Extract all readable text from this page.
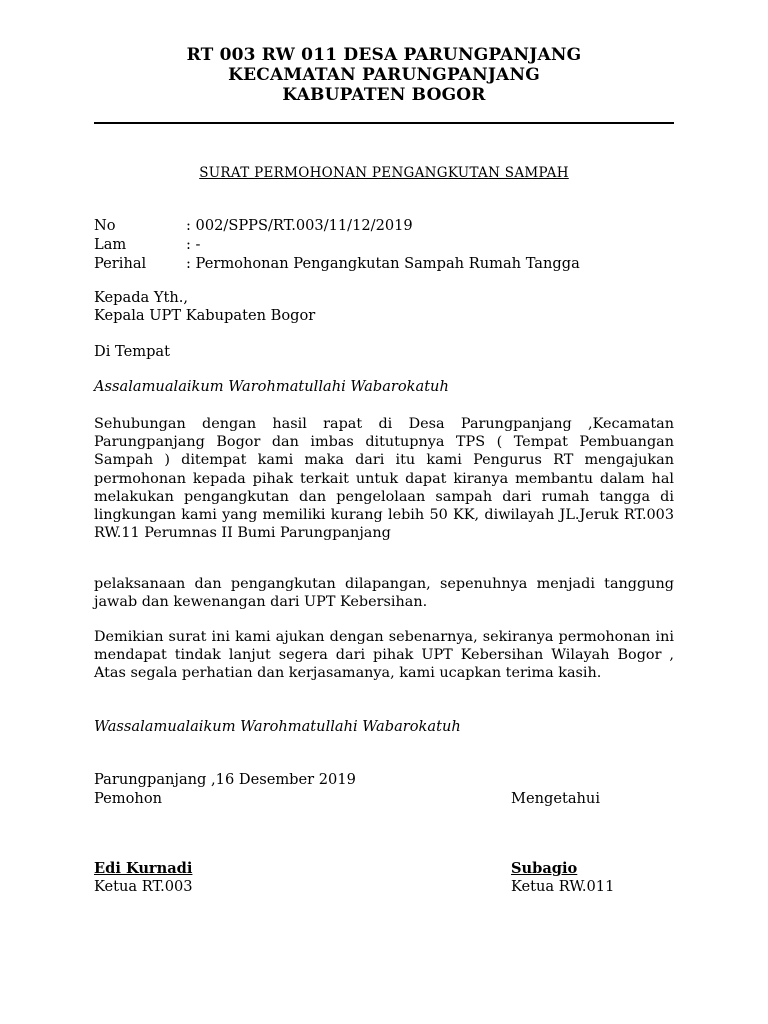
RT 003 RW 011 DESA PARUNGPANJANG
KECAMATAN PARUNGPANJANG
KABUPATEN BOGOR
SURAT PERMOHONAN PENGANGKUTAN SAMPAH
No	: 002/SPPS/RT.003/11/12/2019
Lam	: -
Perihal	: Permohonan Pengangkutan Sampah Rumah Tangga
Kepada Yth.,
Kepala UPT Kabupaten Bogor
Di Tempat
Assalamualaikum Warohmatullahi Wabarokatuh
Sehubungan dengan hasil rapat di Desa Parungpanjang ,Kecamatan Parungpanjang Bogor dan imbas ditutupnya TPS ( Tempat Pembuangan Sampah ) ditempat kami maka dari itu kami Pengurus RT mengajukan permohonan kepada pihak terkait untuk dapat kiranya membantu dalam hal melakukan pengangkutan dan pengelolaan sampah dari rumah tangga di lingkungan kami yang memiliki kurang lebih 50 KK, diwilayah JL.Jeruk RT.003 RW.11 Perumnas II Bumi Parungpanjang
pelaksanaan dan pengangkutan dilapangan, sepenuhnya menjadi tanggung jawab dan kewenangan dari UPT Kebersihan.
Demikian surat ini kami ajukan dengan sebenarnya, sekiranya permohonan ini mendapat tindak lanjut segera dari pihak UPT Kebersihan Wilayah Bogor , Atas segala perhatian dan kerjasamanya, kami ucapkan terima kasih.
Wassalamualaikum Warohmatullahi Wabarokatuh
Parungpanjang ,16 Desember 2019
Pemohon	Mengetahui
Edi Kurnadi	Subagio
Ketua RT.003	Ketua RW.011
